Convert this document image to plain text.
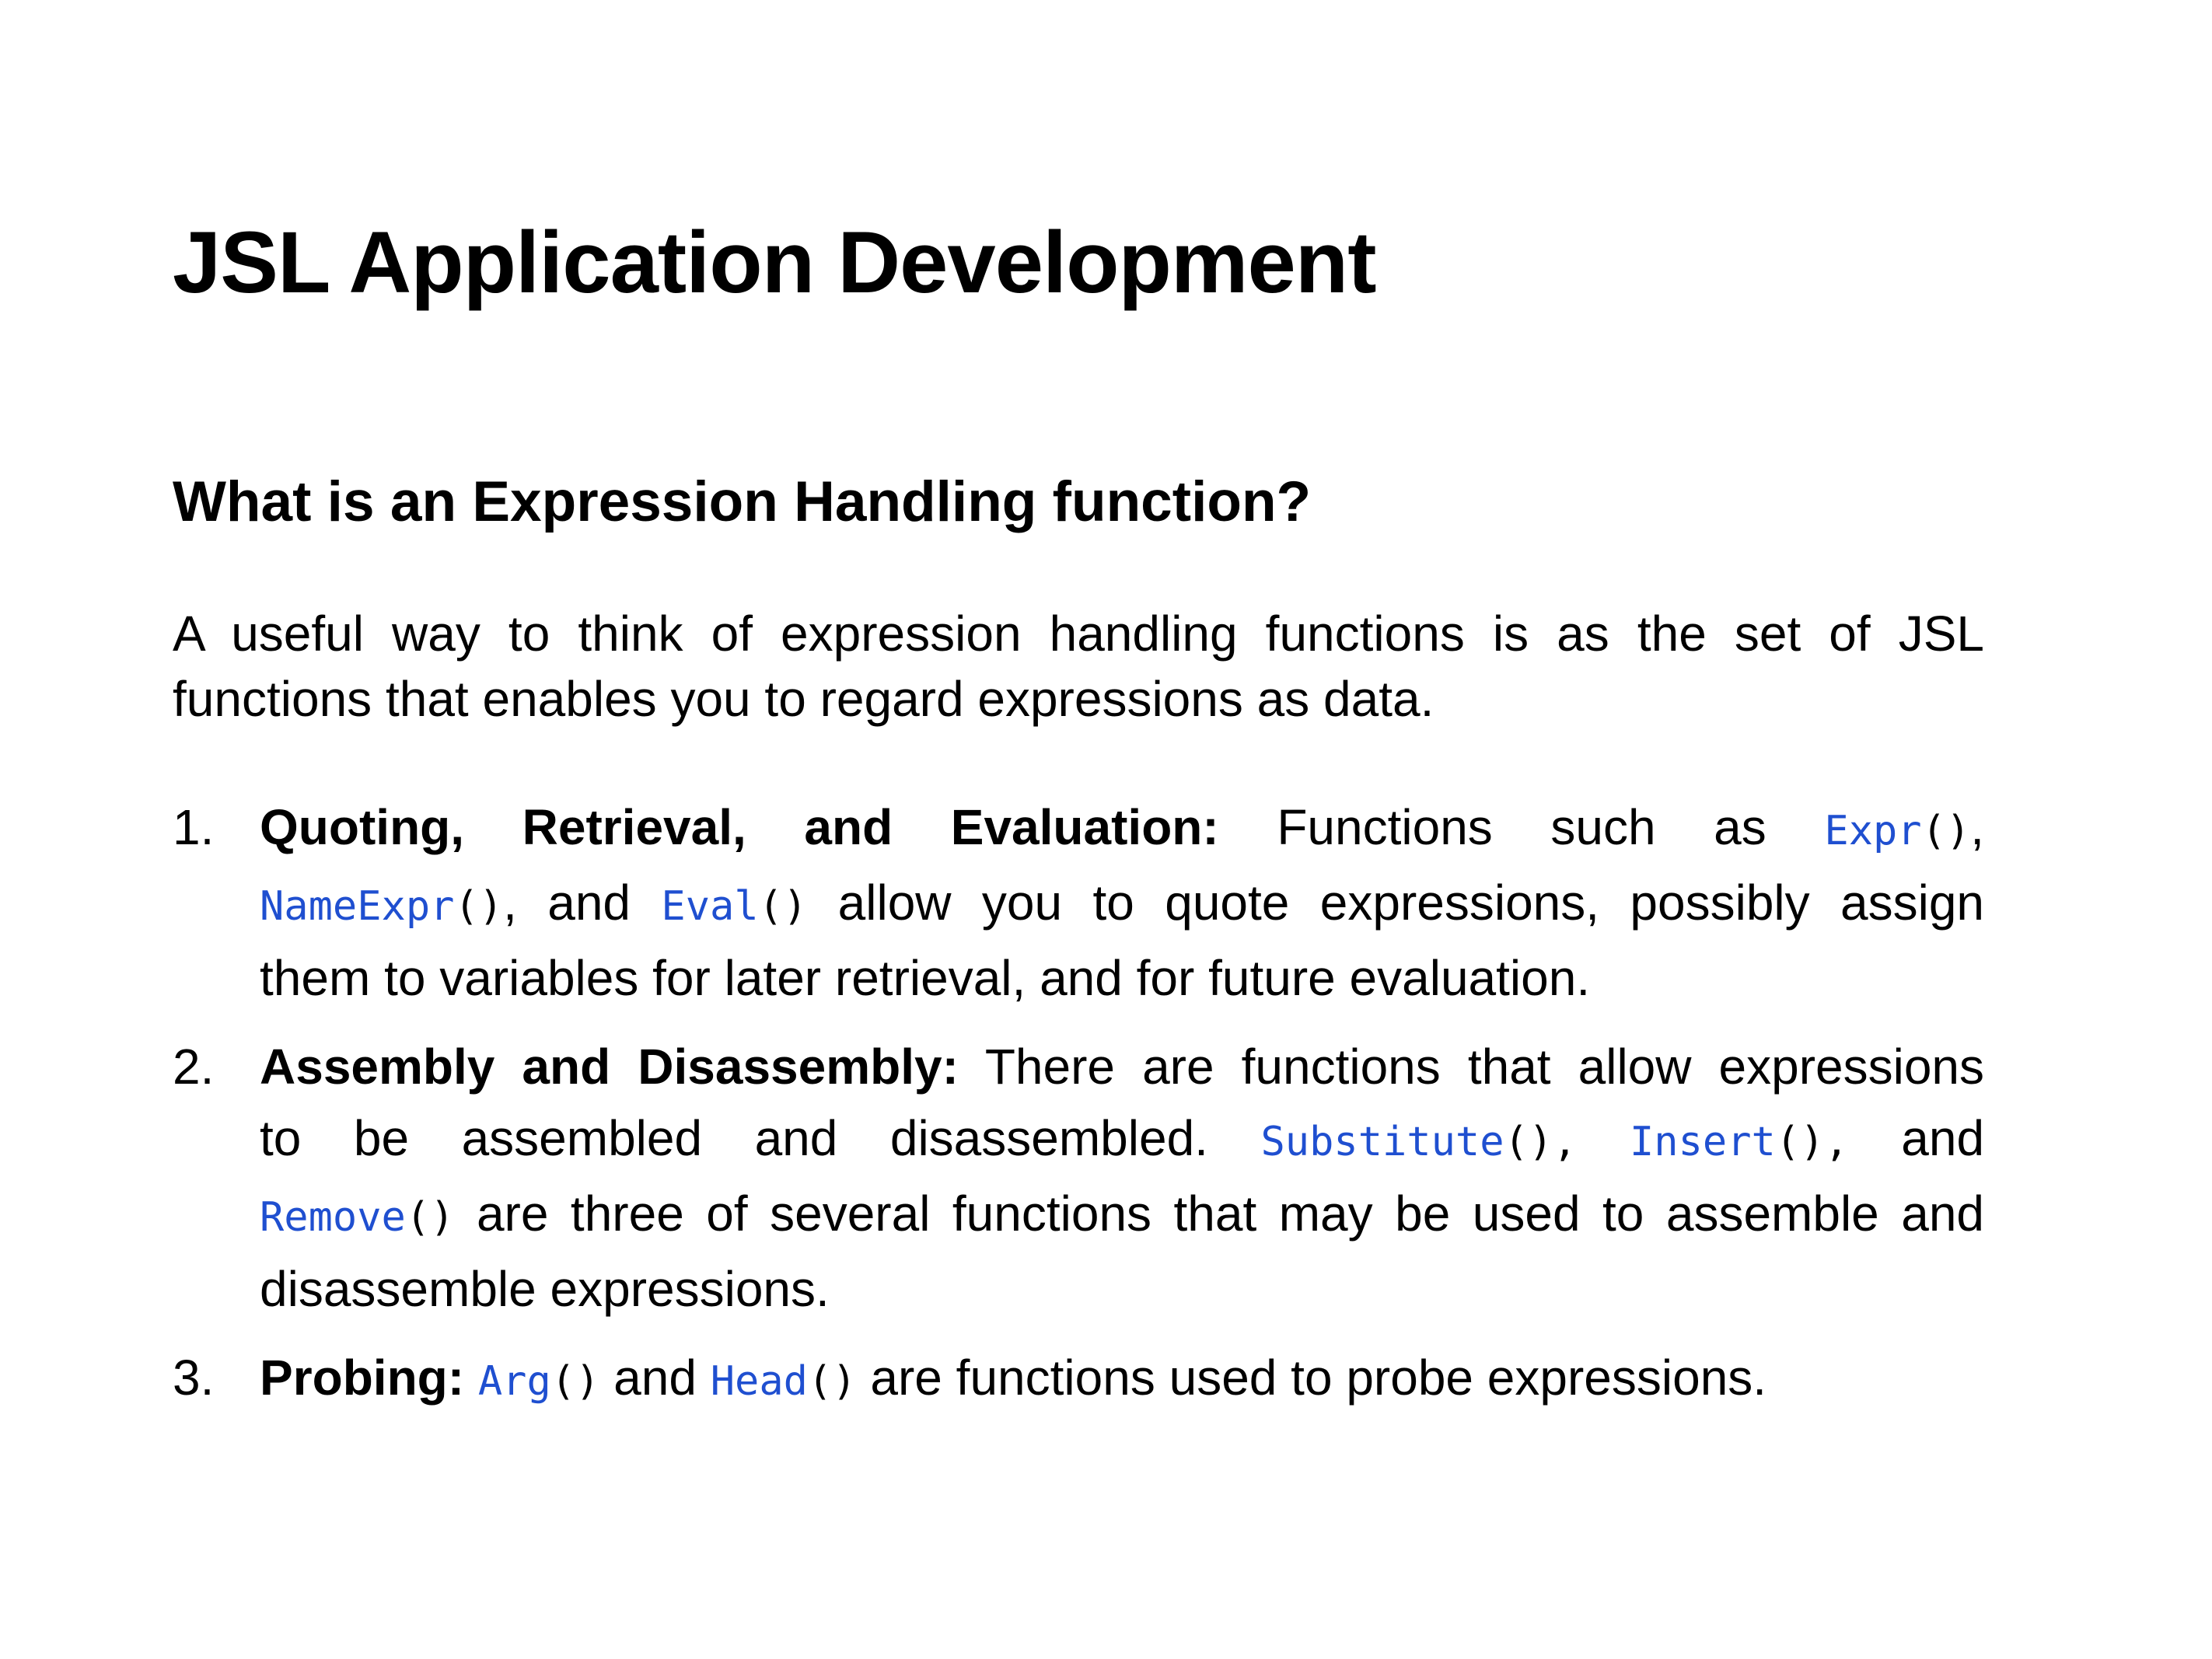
JSL Application Development
What is an Expression Handling function?

A useful way to think of expression handling functions is as the set of JSL
functions that enables you to regard expressions as data.

1. Quoting, Retrieval, and Evaluation: Functions such as Expr(),
NameExpr(), and Eval() allow you to quote expressions, possibly assign
them to variables for later retrieval, and for future evaluation.
2. Assembly and Disassembly: There are functions that allow expressions
to be assembled and disassembled. Substitute(), Insert(), and
Remove() are three of several functions that may be used to assemble and
disassemble expressions.
3. Probing: Arg() and Head() are functions used to probe expressions.
